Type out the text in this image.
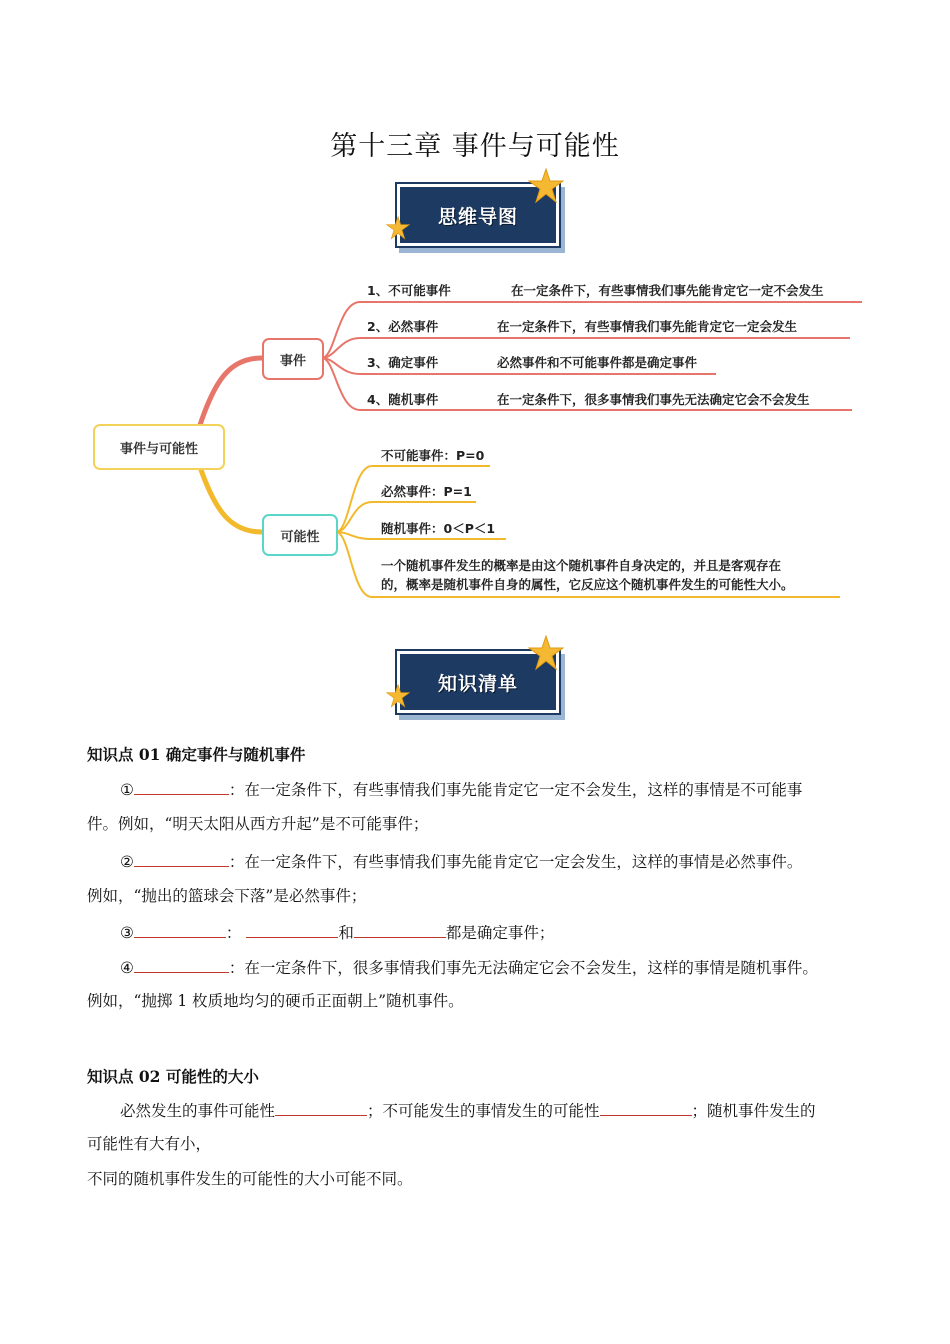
第十三章 事件与可能性
思维导图
事件与可能性
事件
可能性
1、不可能事件	在一定条件下，有些事情我们事先能肯定它一定不会发生
2、必然事件	在一定条件下，有些事情我们事先能肯定它一定会发生
3、确定事件	必然事件和不可能事件都是确定事件
4、随机事件	在一定条件下，很多事情我们事先无法确定它会不会发生
不可能事件：P=0
必然事件：P=1
随机事件：0＜P＜1
一个随机事件发生的概率是由这个随机事件自身决定的，并且是客观存在
的，概率是随机事件自身的属性，它反应这个随机事件发生的可能性大小。
知识清单
知识点 01 确定事件与随机事件
①	：在一定条件下，有些事情我们事先能肯定它一定不会发生，这样的事情是不可能事
件。例如，“明天太阳从西方升起”是不可能事件；
②	：在一定条件下，有些事情我们事先能肯定它一定会发生，这样的事情是必然事件。
例如，“抛出的篮球会下落”是必然事件；
③	：	和	都是确定事件；
④	：在一定条件下，很多事情我们事先无法确定它会不会发生，这样的事情是随机事件。
例如，“抛掷 1 枚质地均匀的硬币正面朝上”随机事件。
知识点 02 可能性的大小
必然发生的事件可能性	；不可能发生的事情发生的可能性	；随机事件发生的
可能性有大有小，
不同的随机事件发生的可能性的大小可能不同。
